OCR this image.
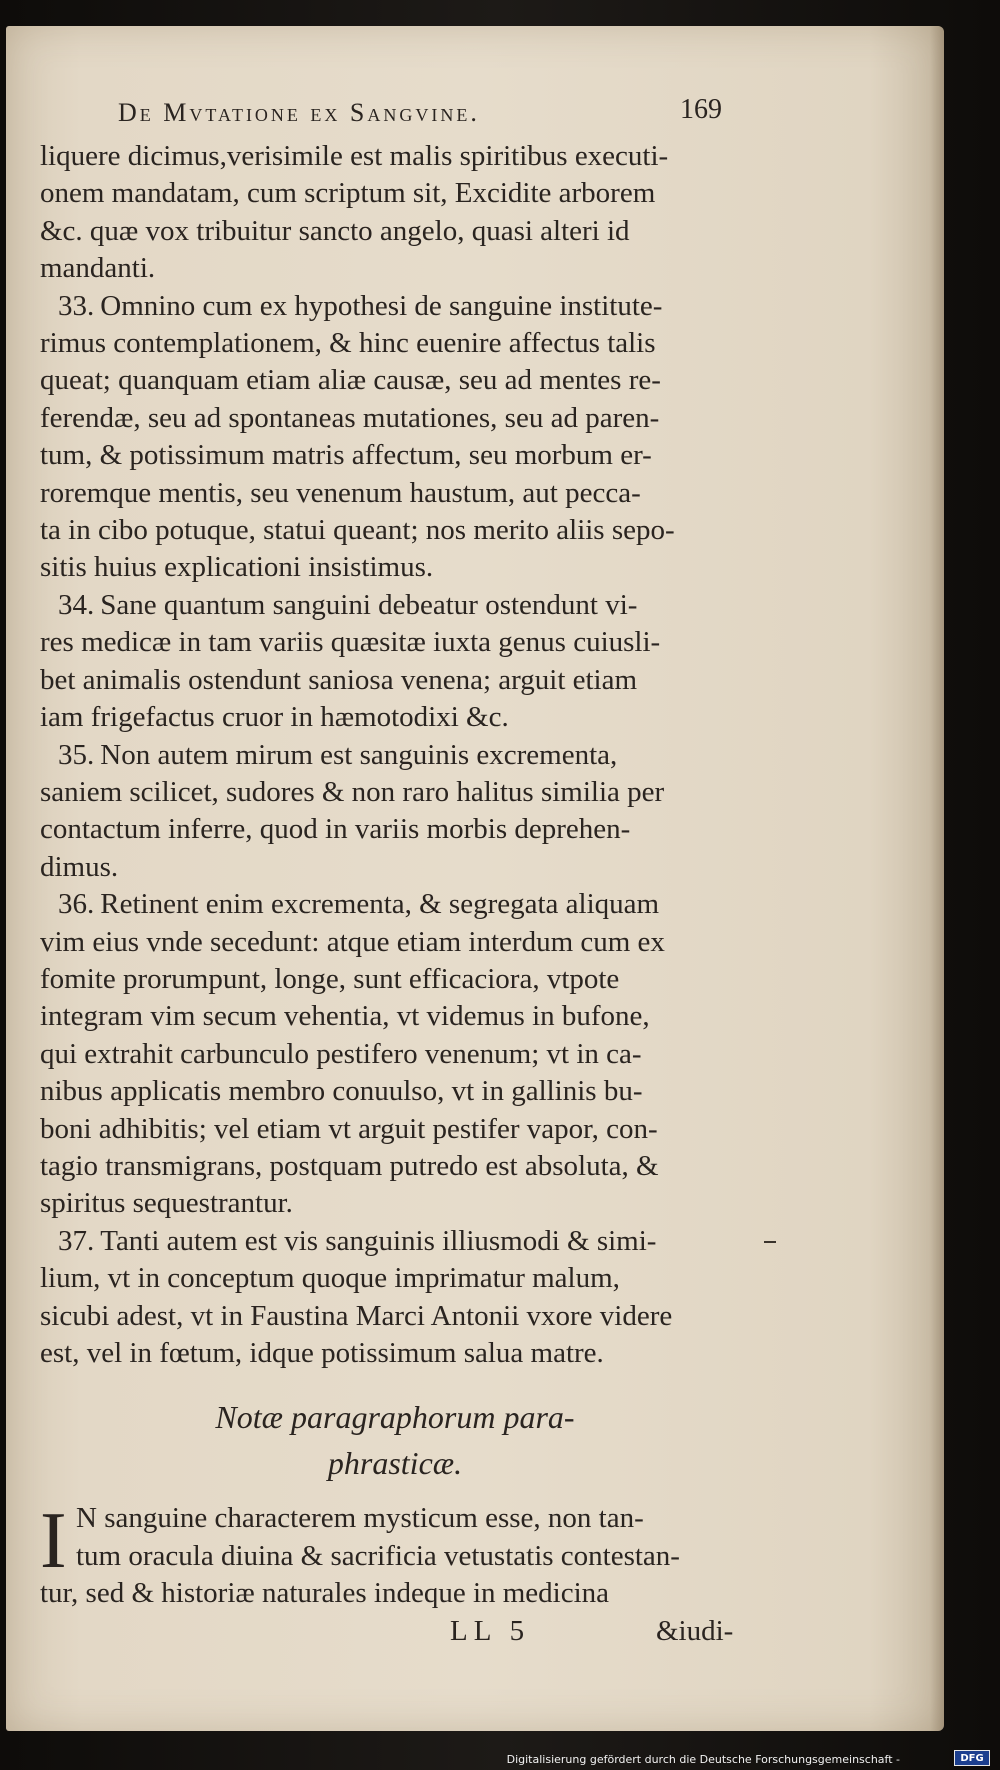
De Mvtatione ex Sangvine.	169
liquere dicimus,verisimile est malis spiritibus executi-
onem mandatam, cum scriptum sit, Excidite arborem
&c. quæ vox tribuitur sancto angelo, quasi alteri id
mandanti.
33. Omnino cum ex hypothesi de sanguine institute-
rimus contemplationem, & hinc euenire affectus talis
queat; quanquam etiam aliæ causæ, seu ad mentes re-
ferendæ, seu ad spontaneas mutationes, seu ad paren-
tum, & potissimum matris affectum, seu morbum er-
roremque mentis, seu venenum haustum, aut pecca-
ta in cibo potuque, statui queant; nos merito aliis sepo-
sitis huius explicationi insistimus.
34. Sane quantum sanguini debeatur ostendunt vi-
res medicæ in tam variis quæsitæ iuxta genus cuiusli-
bet animalis ostendunt saniosa venena; arguit etiam
iam frigefactus cruor in hæmotodixi &c.
35. Non autem mirum est sanguinis excrementa,
saniem scilicet, sudores & non raro halitus similia per
contactum inferre, quod in variis morbis deprehen-
dimus.
36. Retinent enim excrementa, & segregata aliquam
vim eius vnde secedunt: atque etiam interdum cum ex
fomite prorumpunt, longe, sunt efficaciora, vtpote
integram vim secum vehentia, vt videmus in bufone,
qui extrahit carbunculo pestifero venenum; vt in ca-
nibus applicatis membro conuulso, vt in gallinis bu-
boni adhibitis; vel etiam vt arguit pestifer vapor, con-
tagio transmigrans, postquam putredo est absoluta, &
spiritus sequestrantur.
37. Tanti autem est vis sanguinis illiusmodi & simi-
lium, vt in conceptum quoque imprimatur malum,
sicubi adest, vt in Faustina Marci Antonii vxore videre
est, vel in fœtum, idque potissimum salua matre.
Notæ paragraphorum para-
phrasticæ.
I N sanguine characterem mysticum esse, non tan-
tum oracula diuina & sacrificia vetustatis contestan-
tur, sed & historiæ naturales indeque in medicina
LL 5	&iudi-
Digitalisierung gefördert durch die Deutsche Forschungsgemeinschaft -	DFG
